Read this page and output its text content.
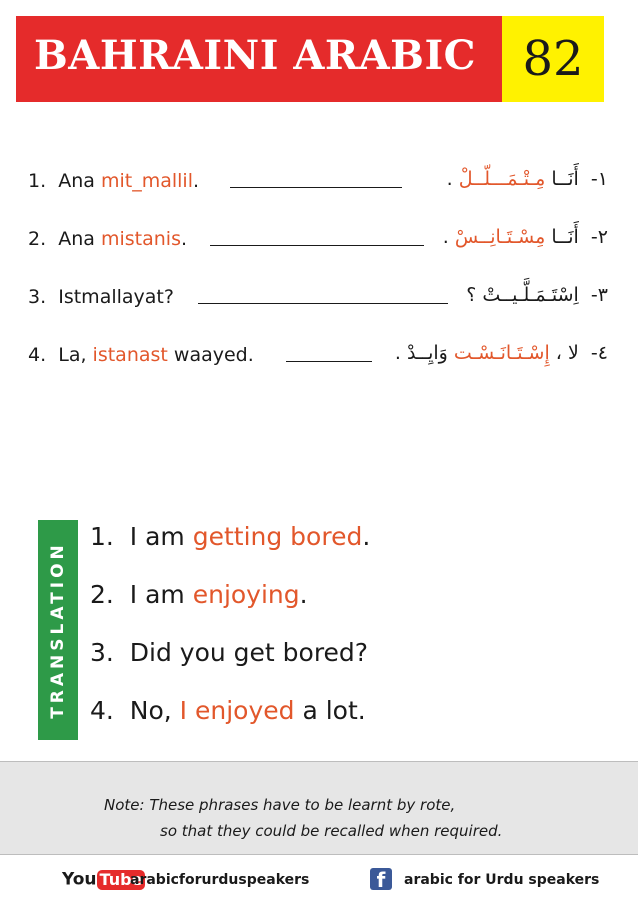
BAHRAINI ARABIC 82
1. Ana mit_mallil.	١-  أَنَــا مِـتْـمَـــلّــلْ .
2. Ana mistanis.	٢-  أَنَــا مِسْـتَـانِــسْ .
3. Istmallayat?	٣-  اِسْتَـمَـلَّـيــتْ ؟
4. La, istanast waayed.	٤-  لا ، إِسْـتَـانَـسْـت وَايِــدْ .
TRANSLATION
1. I am getting bored.
2. I am enjoying.
3. Did you get bored?
4. No, I enjoyed a lot.
Note: These phrases have to be learnt by rote,
so that they could be recalled when required.
You Tube
arabicforurduspeakers	f	arabic for Urdu speakers
